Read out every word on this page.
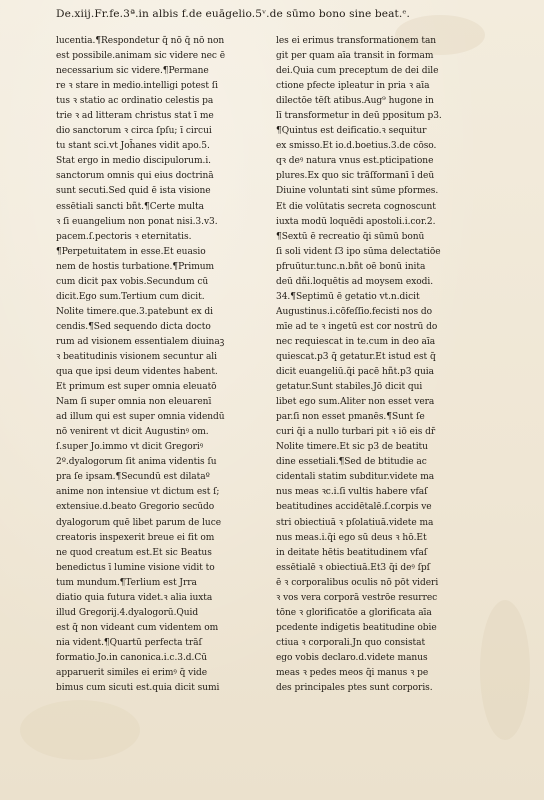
De.xiij.Fr.fe.3ª.in albis f.de euāgelio.5ᵛ.de sūmo bono sine beat.ᵉ.
lucentia.¶Respondetur q̄ nō q̄ nō non
est possibile.animam sic videre nec ē
necessarium sic videre.¶Permane
re ꝛ stare in medio.intelligi potest ſi
tus ꝛ statio ac ordinatio celestis pa
trie ꝛ ad litteram christus stat ī me
dio sanctorum ꝛ circa ſpſu; ī circui
tu stant sci.vt Joh̄anes vidit apo.5.
Stat ergo in medio discipulorum.i.
sanctorum omnis qui eius doctrinā
sunt secuti.Sed quid ē ista visione
essētiali sancti bñt.¶Certe multa
ꝛ ſi euangelium non ponat nisi.3.v3.
pacem.ſ.pectoris ꝛ eternitatis.
¶Perpetuitatem in esse.Et euasio
nem de hostis turbatione.¶Primum
cum dicit pax vobis.Secundum cū
dicit.Ego sum.Tertium cum dicit.
Nolite timere.que.3.patebunt ex di
cendis.¶Sed sequendo dicta docto
rum ad visionem essentialem diuinaꝫ
ꝛ beatitudinis visionem secuntur ali
qua que ipsi deum videntes habent.
Et primum est super omnia eleuatō
Nam ſi super omnia non eleuarenī
ad illum qui est super omnia videndū
nō venirent vt dicit Augustinꝰ om.
ſ.super Jo.immo vt dicit Gregoriꝰ
2º.dyalogorum ſit anima videntis ſu
pra ſe ipsam.¶Secundū est dilataº
anime non intensiue vt dictum est ſ;
extensiue.d.beato Gregorio secūdo
dyalogorum quē libet parum de luce
creatoris inspexerit breue ei fit om
ne quod creatum est.Et sic Beatus
benedictus ī lumine visione vidit to
tum mundum.¶Terlium est Jrra
diatio quia futura videt.ꝛ alia iuxta
illud Gregorij.4.dyalogorū.Quid
est q̄ non videant cum videntem om
nia vident.¶Quartū perfecta trāſ
formatio.Jo.in canonica.i.c.3.d.Cū
apparuerit similes ei erimꝰ q̄ vide
bimus cum sicuti est.quia dicit sumi
les ei erimus transformationem tan
git per quam aīa transit in formam
dei.Quia cum preceptum de dei dile
ctione pfecte ipleatur in pria ꝛ aīa
dilectōe tēſt atibus.Aug⁹ hugone in
lī transformetur in deū ppositum p3.
¶Quintus est deificatio.ꝛ sequitur
ex smisso.Et io.d.boetius.3.de cōso.
qꝛ deꝰ natura vnus est.pticipatione
plures.Ex quo sic trāſformanī ī deū
Diuine voluntati sint sūme pformes.
Et die volūtatis secreta cognoscunt
iuxta modū loquēdi apostoli.i.cor.2.
¶Sextū ē recreatio q̄i sūmū bonū
ſi soli vident ſ3 ipo sūma delectatiōe
pfruūtur.tunc.n.bñt oē bonū inita
deū dñi.loquētis ad moysem exodi.
34.¶Septimū ē getatio vt.n.dicit
Augustinus.i.cōfeſſio.fecisti nos do
mīe ad te ꝛ ingetū est cor nostrū do
nec requiescat in te.cum in deo aīa
quiescat.p3 q̄ getatur.Et istud est q̄
dicit euangeliū.q̄i pacē hñt.p3 quia
getatur.Sunt stabiles.Jō dicit qui
libet ego sum.Aliter non esset vera
par.ſi non esset pmanēs.¶Sunt ſe
curi q̄i a nullo turbari pit ꝛ iō eis dr̄
Nolite timere.Et sic p3 de beatitu
dine essetiali.¶Sed de btitudie ac
cidentali statim subditur.videte ma
nus meas ꝛc.i.ſi vultis habere vfaſ
beatitudines accidētalē.ſ.corpis ve
stri obiectiuā ꝛ pſolatiuā.videte ma
nus meas.i.q̄i ego sū deus ꝛ hō.Et
in deitate hētis beatitudinem vfaſ
essētialē ꝛ obiectiuā.Et3 q̄i deꝰ ſpſ
ē ꝛ corporalibus oculis nō pōt videri
ꝛ vos vera corporā vestrōe resurrec
tōne ꝛ glorificatōe a glorificata aīa
pcedente indigetis beatitudine obie
ctiua ꝛ corporali.Jn quo consistat
ego vobis declaro.d.videte manus
meas ꝛ pedes meos q̄i manus ꝛ pe
des principales ptes sunt corporis.
